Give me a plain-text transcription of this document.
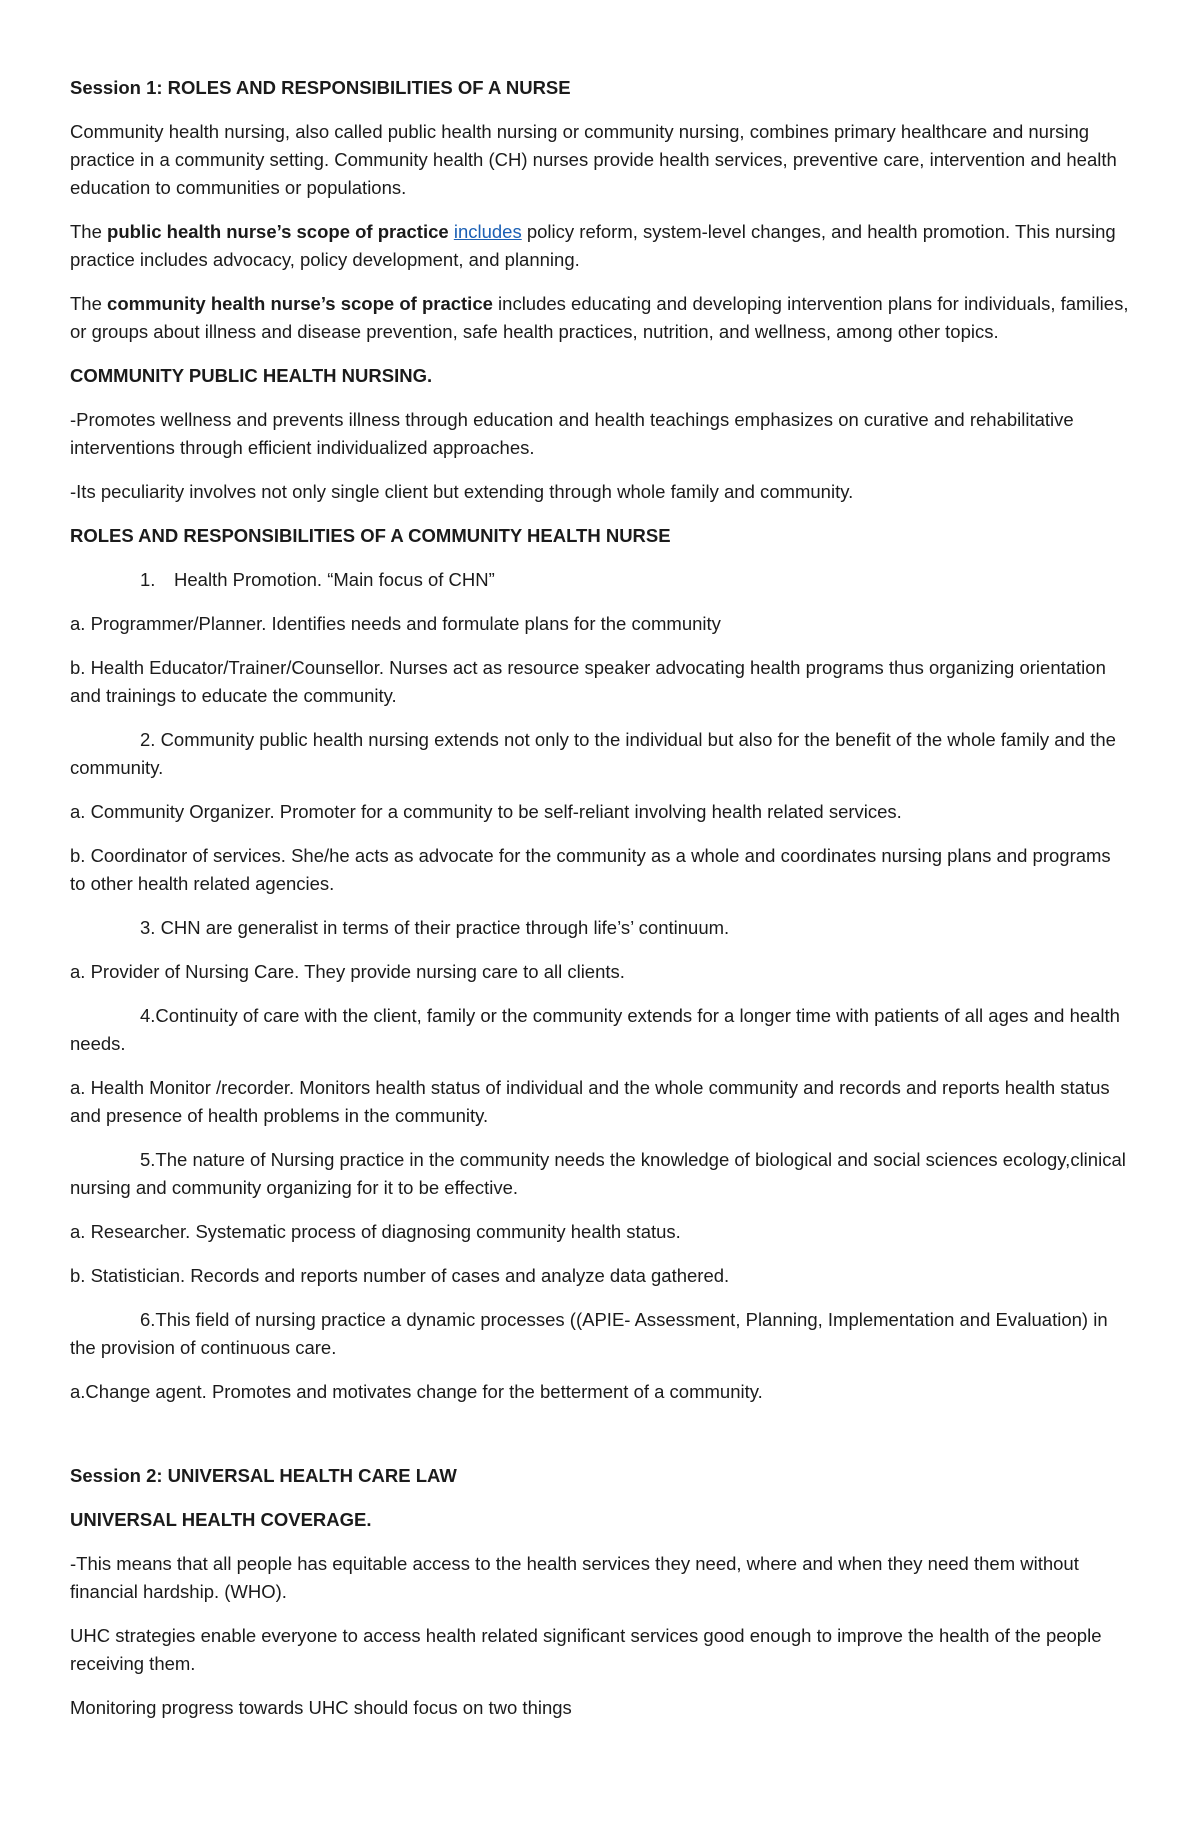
Session 1: ROLES AND RESPONSIBILITIES OF A NURSE

Community health nursing, also called public health nursing or community nursing, combines primary healthcare and nursing practice in a community setting. Community health (CH) nurses provide health services, preventive care, intervention and health education to communities or populations.

The public health nurse’s scope of practice includes policy reform, system-level changes, and health promotion. This nursing practice includes advocacy, policy development, and planning.

The community health nurse’s scope of practice includes educating and developing intervention plans for individuals, families, or groups about illness and disease prevention, safe health practices, nutrition, and wellness, among other topics.

COMMUNITY PUBLIC HEALTH NURSING.

-Promotes wellness and prevents illness through education and health teachings emphasizes on curative and rehabilitative interventions through efficient individualized approaches.

-Its peculiarity involves not only single client but extending through whole family and community.

ROLES AND RESPONSIBILITIES OF A COMMUNITY HEALTH NURSE

1. Health Promotion. “Main focus of CHN”

a. Programmer/Planner. Identifies needs and formulate plans for the community

b. Health Educator/Trainer/Counsellor. Nurses act as resource speaker advocating health programs thus organizing orientation and trainings to educate the community.

2. Community public health nursing extends not only to the individual but also for the benefit of the whole family and the community.

a. Community Organizer. Promoter for a community to be self-reliant involving health related services.

b. Coordinator of services. She/he acts as advocate for the community as a whole and coordinates nursing plans and programs to other health related agencies.

3. CHN are generalist in terms of their practice through life’s’ continuum.

a. Provider of Nursing Care. They provide nursing care to all clients.

4.Continuity of care with the client, family or the community extends for a longer time with patients of all ages and health needs.

a. Health Monitor /recorder. Monitors health status of individual and the whole community and records and reports health status and presence of health problems in the community.

5.The nature of Nursing practice in the community needs the knowledge of biological and social sciences ecology,clinical nursing and community organizing for it to be effective.

a. Researcher. Systematic process of diagnosing community health status.

b. Statistician. Records and reports number of cases and analyze data gathered.

6.This field of nursing practice a dynamic processes ((APIE- Assessment, Planning, Implementation and Evaluation) in the provision of continuous care.

a.Change agent. Promotes and motivates change for the betterment of a community.

Session 2: UNIVERSAL HEALTH CARE LAW

UNIVERSAL HEALTH COVERAGE.

-This means that all people has equitable access to the health services they need, where and when they need them without financial hardship. (WHO).

UHC strategies enable everyone to access health related significant services good enough to improve the health of the people receiving them.

Monitoring progress towards UHC should focus on two things
